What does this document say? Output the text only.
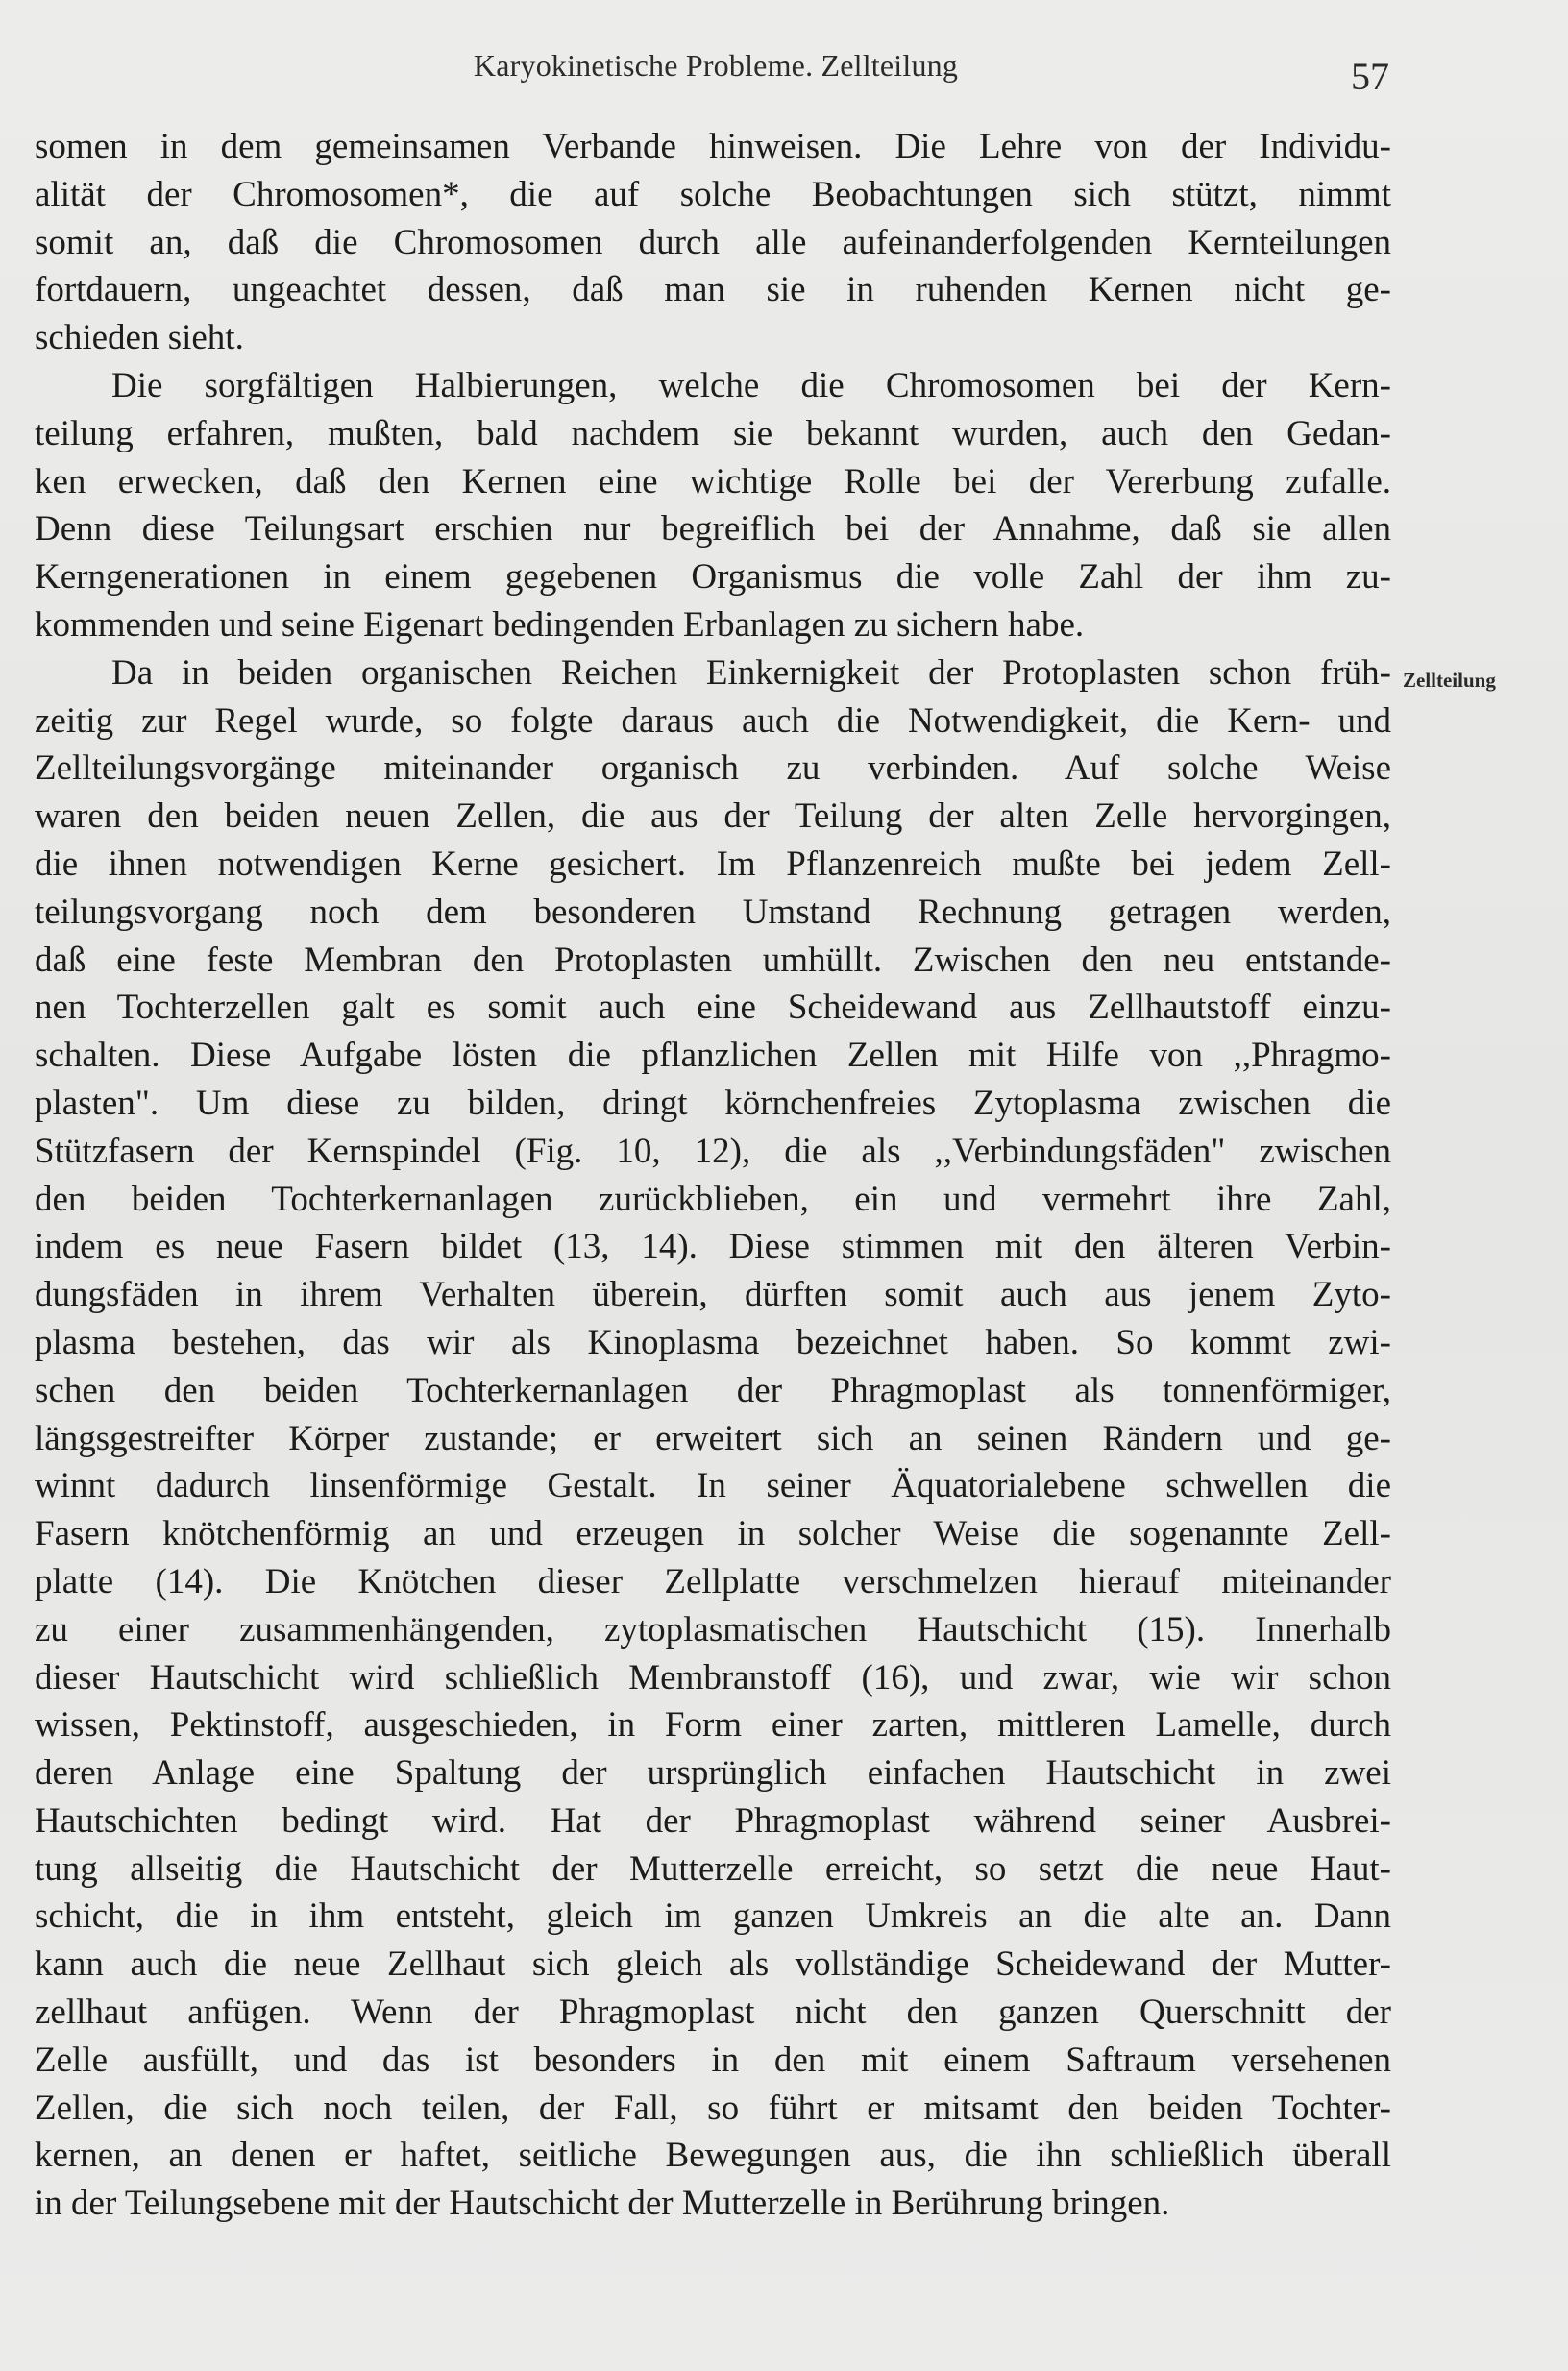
Karyokinetische Probleme. Zellteilung	57
Zellteilung
somen in dem gemeinsamen Verbande hinweisen. Die Lehre von der Individu-
alität der Chromosomen*, die auf solche Beobachtungen sich stützt, nimmt
somit an, daß die Chromosomen durch alle aufeinanderfolgenden Kernteilungen
fortdauern, ungeachtet dessen, daß man sie in ruhenden Kernen nicht ge-
schieden sieht.
Die sorgfältigen Halbierungen, welche die Chromosomen bei der Kern-
teilung erfahren, mußten, bald nachdem sie bekannt wurden, auch den Gedan-
ken erwecken, daß den Kernen eine wichtige Rolle bei der Vererbung zufalle.
Denn diese Teilungsart erschien nur begreiflich bei der Annahme, daß sie allen
Kerngenerationen in einem gegebenen Organismus die volle Zahl der ihm zu-
kommenden und seine Eigenart bedingenden Erbanlagen zu sichern habe.
Da in beiden organischen Reichen Einkernigkeit der Protoplasten schon früh-
zeitig zur Regel wurde, so folgte daraus auch die Notwendigkeit, die Kern- und
Zellteilungsvorgänge miteinander organisch zu verbinden. Auf solche Weise
waren den beiden neuen Zellen, die aus der Teilung der alten Zelle hervorgingen,
die ihnen notwendigen Kerne gesichert. Im Pflanzenreich mußte bei jedem Zell-
teilungsvorgang noch dem besonderen Umstand Rechnung getragen werden,
daß eine feste Membran den Protoplasten umhüllt. Zwischen den neu entstande-
nen Tochterzellen galt es somit auch eine Scheidewand aus Zellhautstoff einzu-
schalten. Diese Aufgabe lösten die pflanzlichen Zellen mit Hilfe von ,,Phragmo-
plasten". Um diese zu bilden, dringt körnchenfreies Zytoplasma zwischen die
Stützfasern der Kernspindel (Fig. 10, 12), die als ,,Verbindungsfäden" zwischen
den beiden Tochterkernanlagen zurückblieben, ein und vermehrt ihre Zahl,
indem es neue Fasern bildet (13, 14). Diese stimmen mit den älteren Verbin-
dungsfäden in ihrem Verhalten überein, dürften somit auch aus jenem Zyto-
plasma bestehen, das wir als Kinoplasma bezeichnet haben. So kommt zwi-
schen den beiden Tochterkernanlagen der Phragmoplast als tonnenförmiger,
längsgestreifter Körper zustande; er erweitert sich an seinen Rändern und ge-
winnt dadurch linsenförmige Gestalt. In seiner Äquatorialebene schwellen die
Fasern knötchenförmig an und erzeugen in solcher Weise die sogenannte Zell-
platte (14). Die Knötchen dieser Zellplatte verschmelzen hierauf miteinander
zu einer zusammenhängenden, zytoplasmatischen Hautschicht (15). Innerhalb
dieser Hautschicht wird schließlich Membranstoff (16), und zwar, wie wir schon
wissen, Pektinstoff, ausgeschieden, in Form einer zarten, mittleren Lamelle, durch
deren Anlage eine Spaltung der ursprünglich einfachen Hautschicht in zwei
Hautschichten bedingt wird. Hat der Phragmoplast während seiner Ausbrei-
tung allseitig die Hautschicht der Mutterzelle erreicht, so setzt die neue Haut-
schicht, die in ihm entsteht, gleich im ganzen Umkreis an die alte an. Dann
kann auch die neue Zellhaut sich gleich als vollständige Scheidewand der Mutter-
zellhaut anfügen. Wenn der Phragmoplast nicht den ganzen Querschnitt der
Zelle ausfüllt, und das ist besonders in den mit einem Saftraum versehenen
Zellen, die sich noch teilen, der Fall, so führt er mitsamt den beiden Tochter-
kernen, an denen er haftet, seitliche Bewegungen aus, die ihn schließlich überall
in der Teilungsebene mit der Hautschicht der Mutterzelle in Berührung bringen.
